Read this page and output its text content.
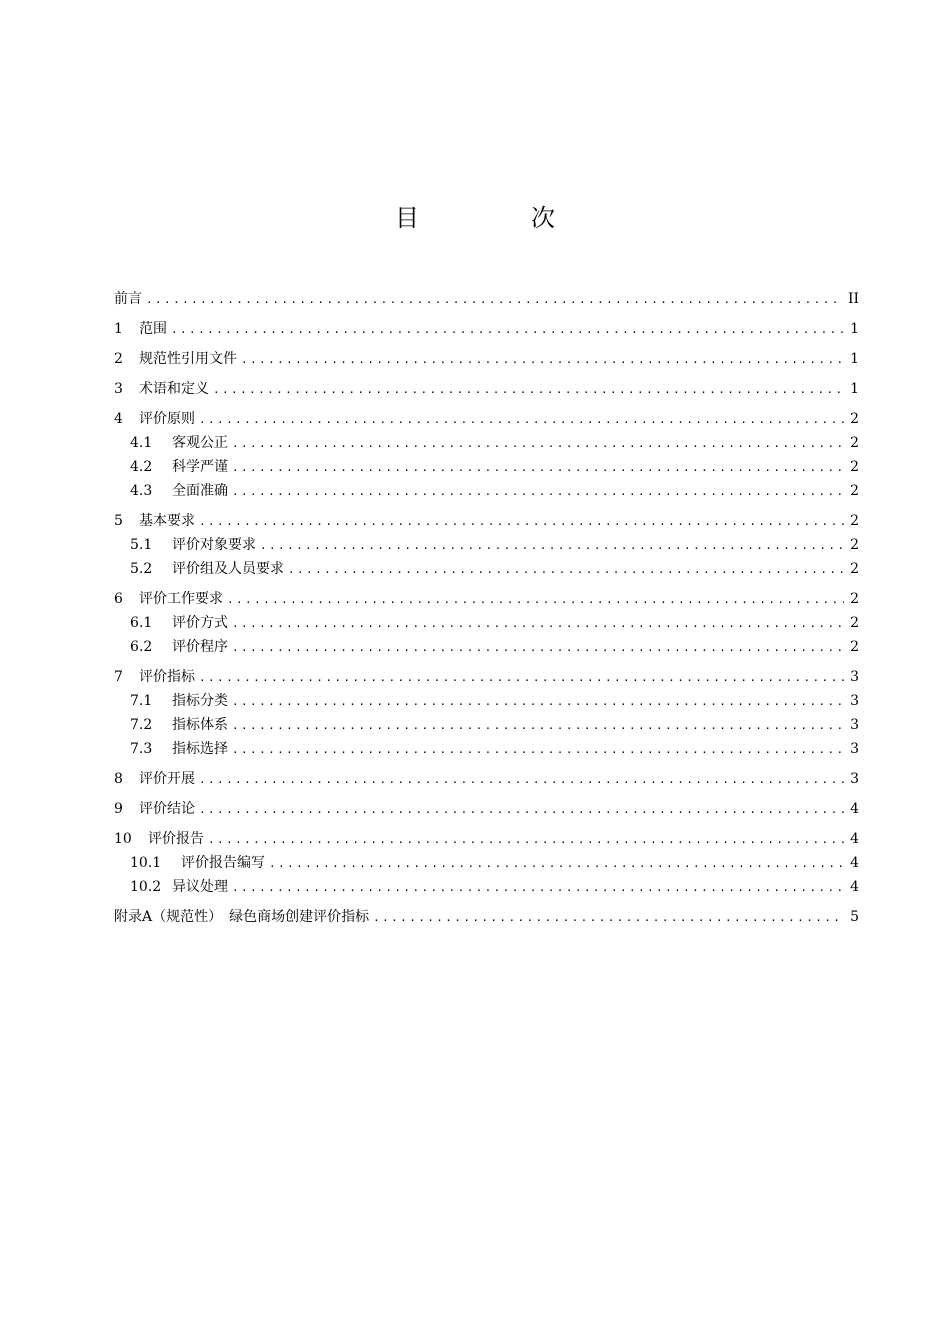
目　次
前言 .....	II
1	范围 .....	1
2	规范性引用文件 .....	1
3	术语和定义 .....	1
4	评价原则 .....	2
4.1	客观公正 .....	2
4.2	科学严谨 .....	2
4.3	全面准确 .....	2
5	基本要求 .....	2
5.1	评价对象要求 .....	2
5.2	评价组及人员要求 .....	2
6	评价工作要求 .....	2
6.1	评价方式 .....	2
6.2	评价程序 .....	2
7	评价指标 .....	3
7.1	指标分类 .....	3
7.2	指标体系 .....	3
7.3	指标选择 .....	3
8	评价开展 .....	3
9	评价结论 .....	4
10	评价报告 .....	4
10.1	评价报告编写 .....	4
10.2 异议处理 .....	4
附录A（规范性）　绿色商场创建评价指标 .....	5
